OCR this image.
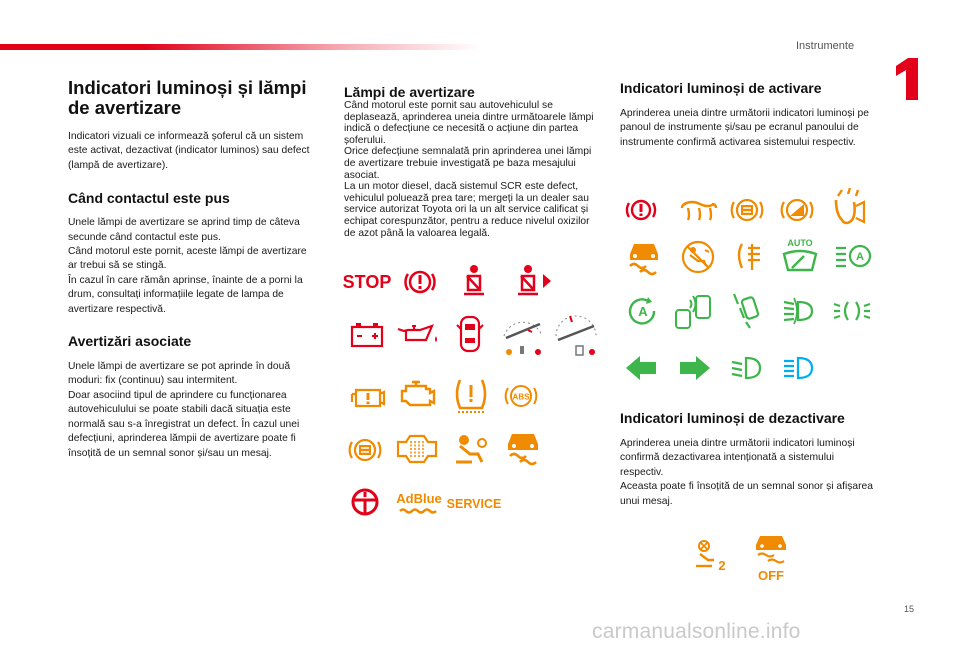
Instrumente
Indicatori luminoși și lămpi de avertizare

Indicatori vizuali ce informează șoferul că un sistem este activat, dezactivat (indicator luminos) sau defect (lampă de avertizare).

Când contactul este pus

Unele lămpi de avertizare se aprind timp de câteva secunde când contactul este pus.
Când motorul este pornit, aceste lămpi de avertizare ar trebui să se stingă.
În cazul în care rămân aprinse, înainte de a porni la drum, consultați informațiile legate de lampa de avertizare respectivă.

Avertizări asociate

Unele lămpi de avertizare se pot aprinde în două moduri: fix (continuu) sau intermitent.
Doar asociind tipul de aprindere cu funcționarea autovehiculului se poate stabili dacă situația este normală sau s-a înregistrat un defect. În cazul unei defecțiuni, aprinderea lămpii de avertizare poate fi însoțită de un semnal sonor și/sau un mesaj.

Lămpi de avertizare

Când motorul este pornit sau autovehiculul se deplasează, aprinderea uneia dintre următoarele lămpi indică o defecțiune ce necesită o acțiune din partea șoferului.
Orice defecțiune semnalată prin aprinderea unei lămpi de avertizare trebuie investigată pe baza mesajului asociat.
La un motor diesel, dacă sistemul SCR este defect, vehiculul poluează prea tare; mergeți la un dealer sau service autorizat Toyota ori la un alt service calificat și echipat corespunzător, pentru a reduce nivelul oxizilor de azot până la valoarea legală.

STOP
ABS
AdBlue SERVICE
Indicatori luminoși de activare

Aprinderea uneia dintre următorii indicatori luminoși pe panoul de instrumente și/sau pe ecranul panoului de instrumente confirmă activarea sistemului respectiv.

Indicatori luminoși de dezactivare

Aprinderea uneia dintre următorii indicatori luminoși confirmă dezactivarea intenționată a sistemului respectiv.
Aceasta poate fi însoțită de un semnal sonor și afișarea unui mesaj.

AUTO
A
A
2
OFF
15
carmanualsonline.info
